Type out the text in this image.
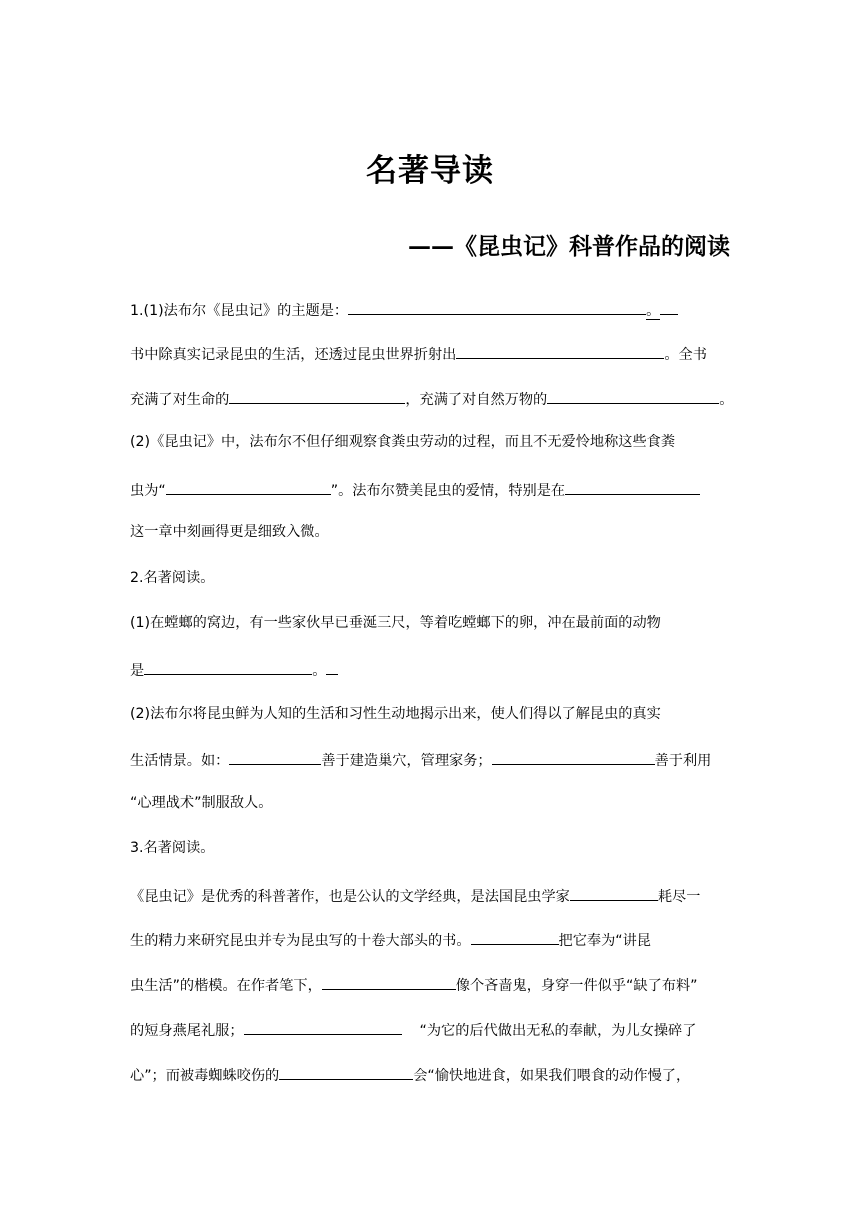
名著导读
——《昆虫记》科普作品的阅读
1.(1)法布尔《昆虫记》的主题是：	。
书中除真实记录昆虫的生活，还透过昆虫世界折射出	。全书
充满了对生命的	，充满了对自然万物的	。
(2)《昆虫记》中，法布尔不但仔细观察食粪虫劳动的过程，而且不无爱怜地称这些食粪
虫为“	”。法布尔赞美昆虫的爱情，特别是在
这一章中刻画得更是细致入微。
2.名著阅读。
(1)在螳螂的窝边，有一些家伙早已垂涎三尺，等着吃螳螂下的卵，冲在最前面的动物
是	。
(2)法布尔将昆虫鲜为人知的生活和习性生动地揭示出来，使人们得以了解昆虫的真实
生活情景。如：	善于建造巢穴，管理家务；	善于利用
“心理战术”制服敌人。
3.名著阅读。
《昆虫记》是优秀的科普著作，也是公认的文学经典，是法国昆虫学家	耗尽一
生的精力来研究昆虫并专为昆虫写的十卷大部头的书。	把它奉为“讲昆
虫生活”的楷模。在作者笔下，	像个吝啬鬼，身穿一件似乎“缺了布料”
的短身燕尾礼服；	“为它的后代做出无私的奉献，为儿女操碎了
心”；而被毒蜘蛛咬伤的	会“愉快地进食，如果我们喂食的动作慢了，
